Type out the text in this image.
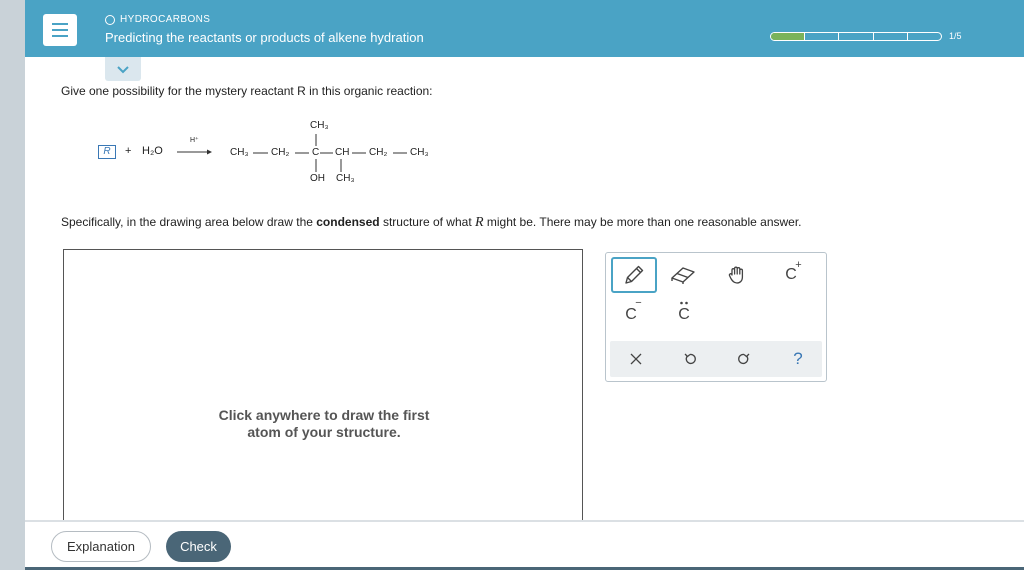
HYDROCARBONS
Predicting the reactants or products of alkene hydration	1/5
Give one possibility for the mystery reactant R in this organic reaction:
R	+ H₂O
H⁺
CH₃ CH₂ C CH CH₂ CH₃
CH₃
OH CH₃
Specifically, in the drawing area below draw the condensed structure of what R might be. There may be more than one reasonable answer.
Click anywhere to draw the first
atom of your structure.
C
+
C
−
C
?
Explanation	Check
